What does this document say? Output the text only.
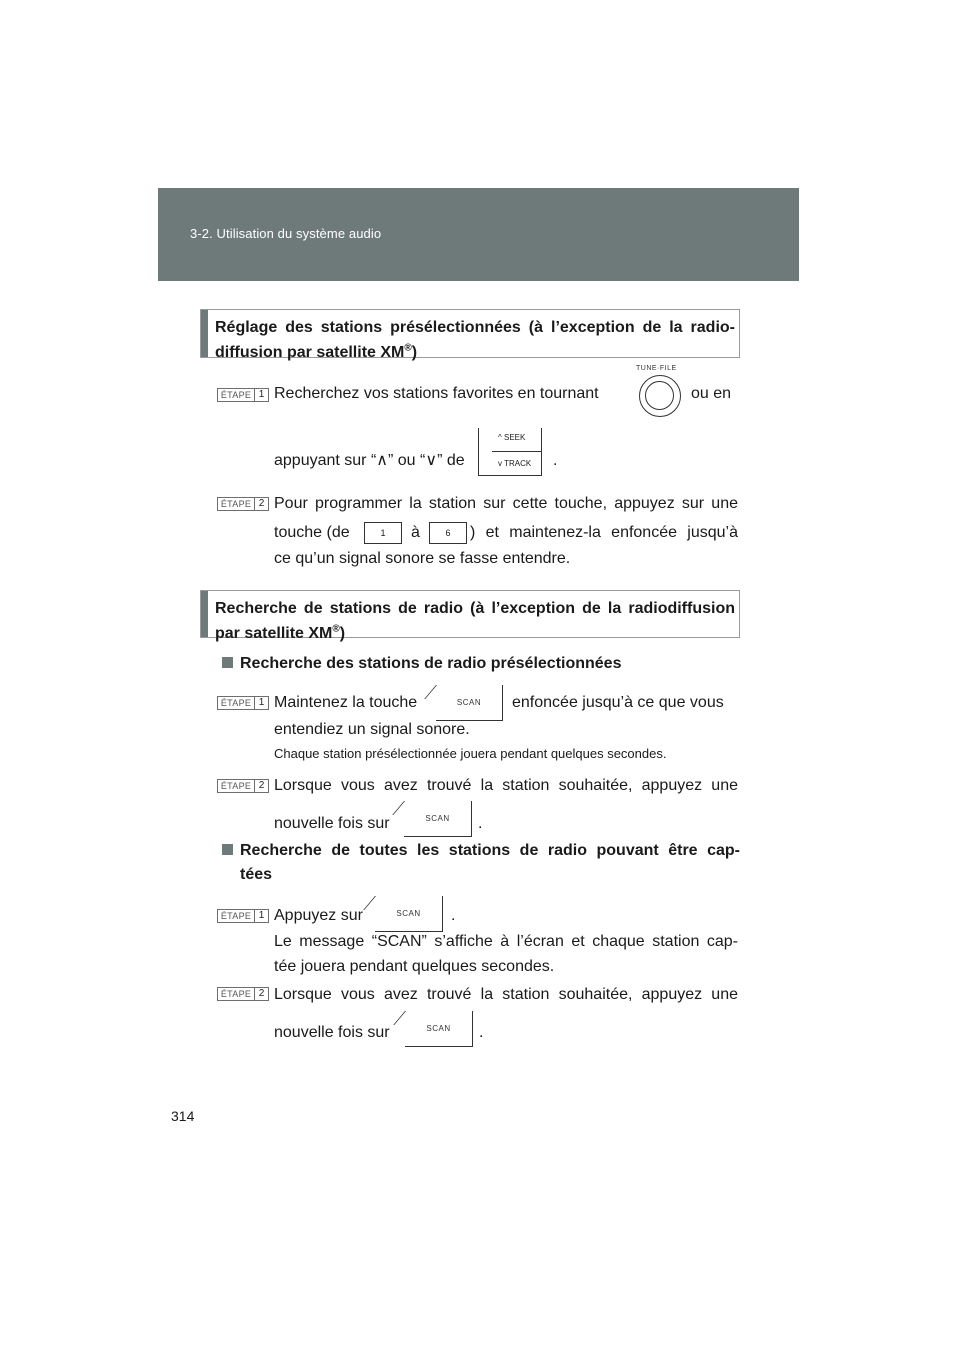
3-2. Utilisation du système audio
Réglage des stations présélectionnées (à l’exception de la radio-
diffusion par satellite XM®)
ÉTAPE 1 Recherchez vos stations favorites en tournant
TUNE·FILE
ou en
appuyant sur “∧” ou “∨” de
^ SEEK
v TRACK .
ÉTAPE 2 Pour programmer la station sur cette touche, appuyez sur une
touche (de	1	à	6	) et maintenez-la enfoncée jusqu’à
ce qu’un signal sonore se fasse entendre.
Recherche de stations de radio (à l’exception de la radiodiffusion
par satellite XM®)
Recherche des stations de radio présélectionnées
ÉTAPE 1 Maintenez la touche	SCAN	enfoncée jusqu’à ce que vous
entendiez un signal sonore.
Chaque station présélectionnée jouera pendant quelques secondes.
ÉTAPE 2 Lorsque vous avez trouvé la station souhaitée, appuyez une
nouvelle fois sur	SCAN	.
Recherche de toutes les stations de radio pouvant être cap-
tées
ÉTAPE 1 Appuyez sur	SCAN	.
Le message “SCAN” s’affiche à l’écran et chaque station cap-
tée jouera pendant quelques secondes.
ÉTAPE 2 Lorsque vous avez trouvé la station souhaitée, appuyez une
nouvelle fois sur	SCAN	.
314
